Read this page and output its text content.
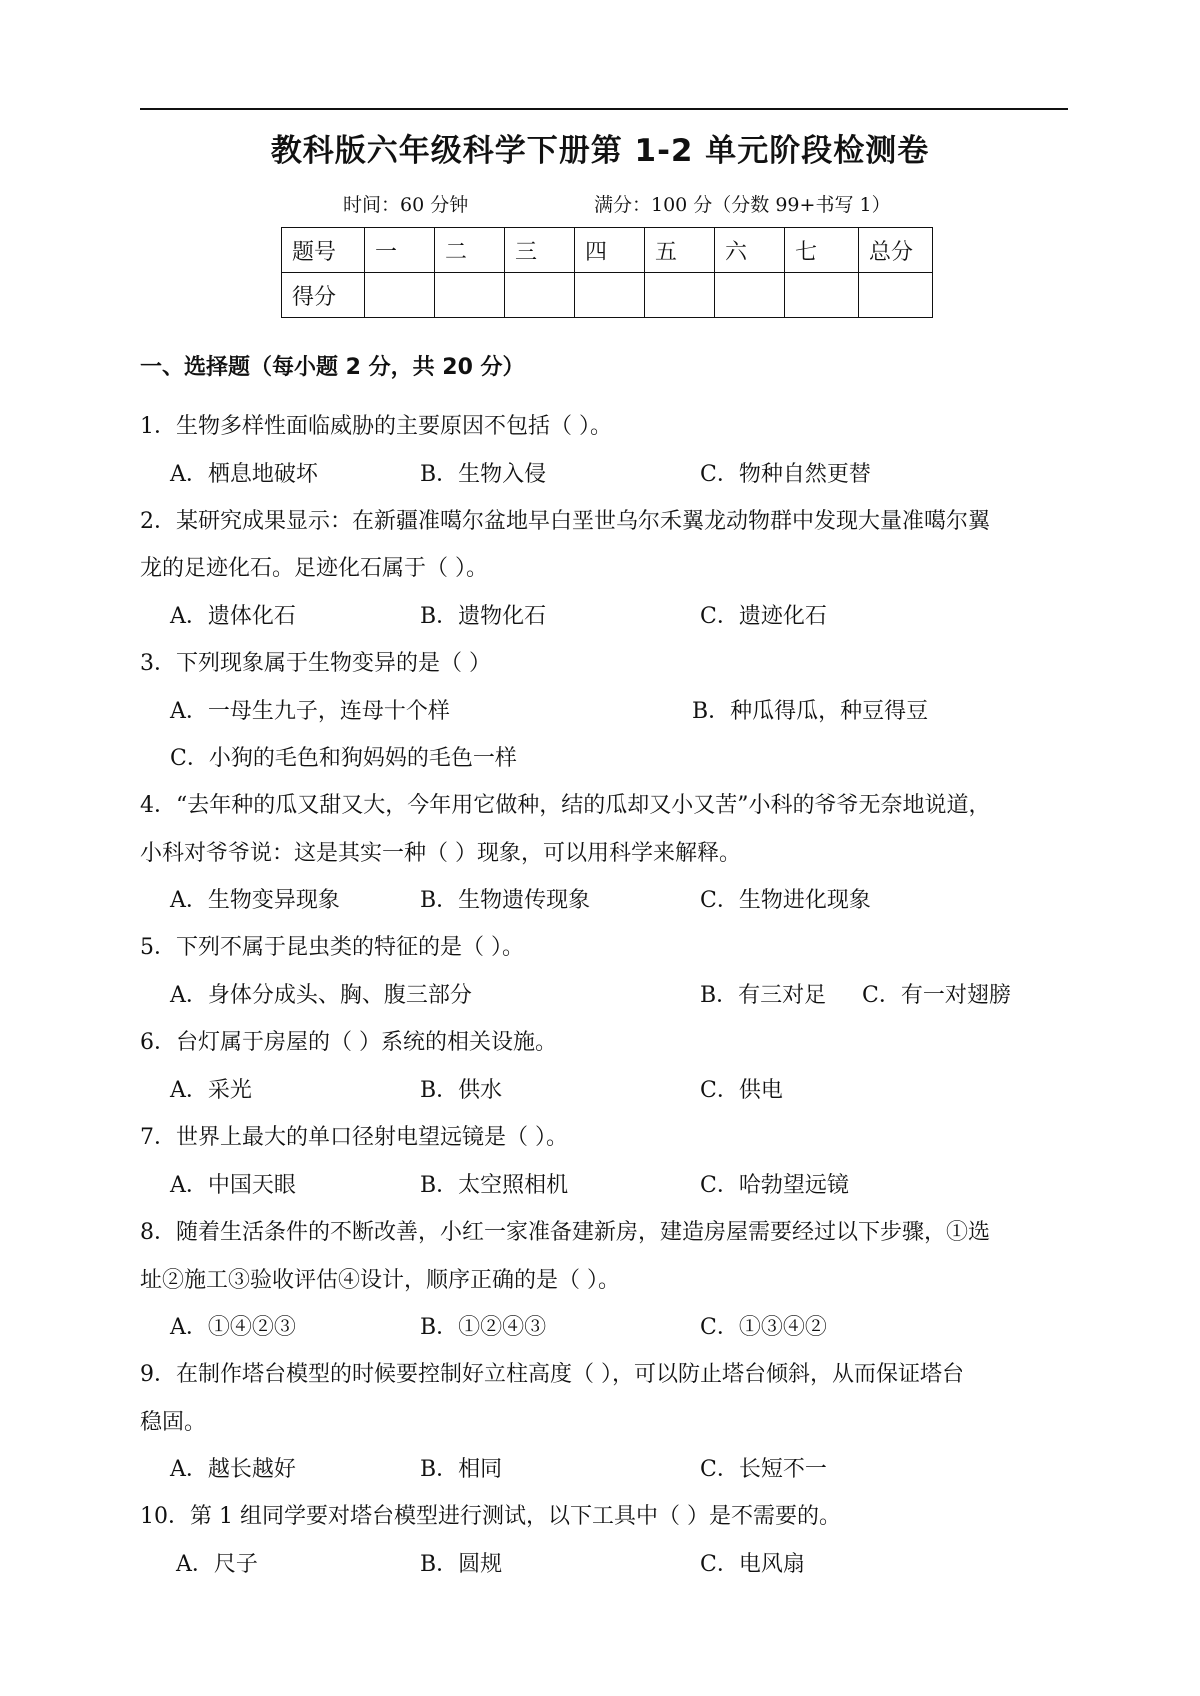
教科版六年级科学下册第 1-2 单元阶段检测卷
时间：60 分钟	满分：100 分（分数 99+书写 1）
题号	一	二	三	四	五	六	七	总分
得分								
一、选择题（每小题 2 分，共 20 分）
1．生物多样性面临威胁的主要原因不包括（ ）。
A．栖息地破坏	B．生物入侵	C．物种自然更替
2．某研究成果显示：在新疆准噶尔盆地早白垩世乌尔禾翼龙动物群中发现大量准噶尔翼
龙的足迹化石。足迹化石属于（ ）。
A．遗体化石	B．遗物化石	C．遗迹化石
3．下列现象属于生物变异的是（ ）
A．一母生九子，连母十个样	B．种瓜得瓜，种豆得豆
C．小狗的毛色和狗妈妈的毛色一样
4．“去年种的瓜又甜又大，今年用它做种，结的瓜却又小又苦”小科的爷爷无奈地说道，
小科对爷爷说：这是其实一种（ ）现象，可以用科学来解释。
A．生物变异现象	B．生物遗传现象	C．生物进化现象
5．下列不属于昆虫类的特征的是（ ）。
A．身体分成头、胸、腹三部分	B．有三对足 C．有一对翅膀
6．台灯属于房屋的（ ）系统的相关设施。
A．采光	B．供水	C．供电
7．世界上最大的单口径射电望远镜是（ ）。
A．中国天眼	B．太空照相机	C．哈勃望远镜
8．随着生活条件的不断改善，小红一家准备建新房，建造房屋需要经过以下步骤，①选
址②施工③验收评估④设计，顺序正确的是（ ）。
A．①④②③	B．①②④③	C．①③④②
9．在制作塔台模型的时候要控制好立柱高度（ ），可以防止塔台倾斜，从而保证塔台
稳固。
A．越长越好	B．相同	C．长短不一
10．第 1 组同学要对塔台模型进行测试，以下工具中（ ）是不需要的。
A．尺子	B．圆规	C．电风扇
